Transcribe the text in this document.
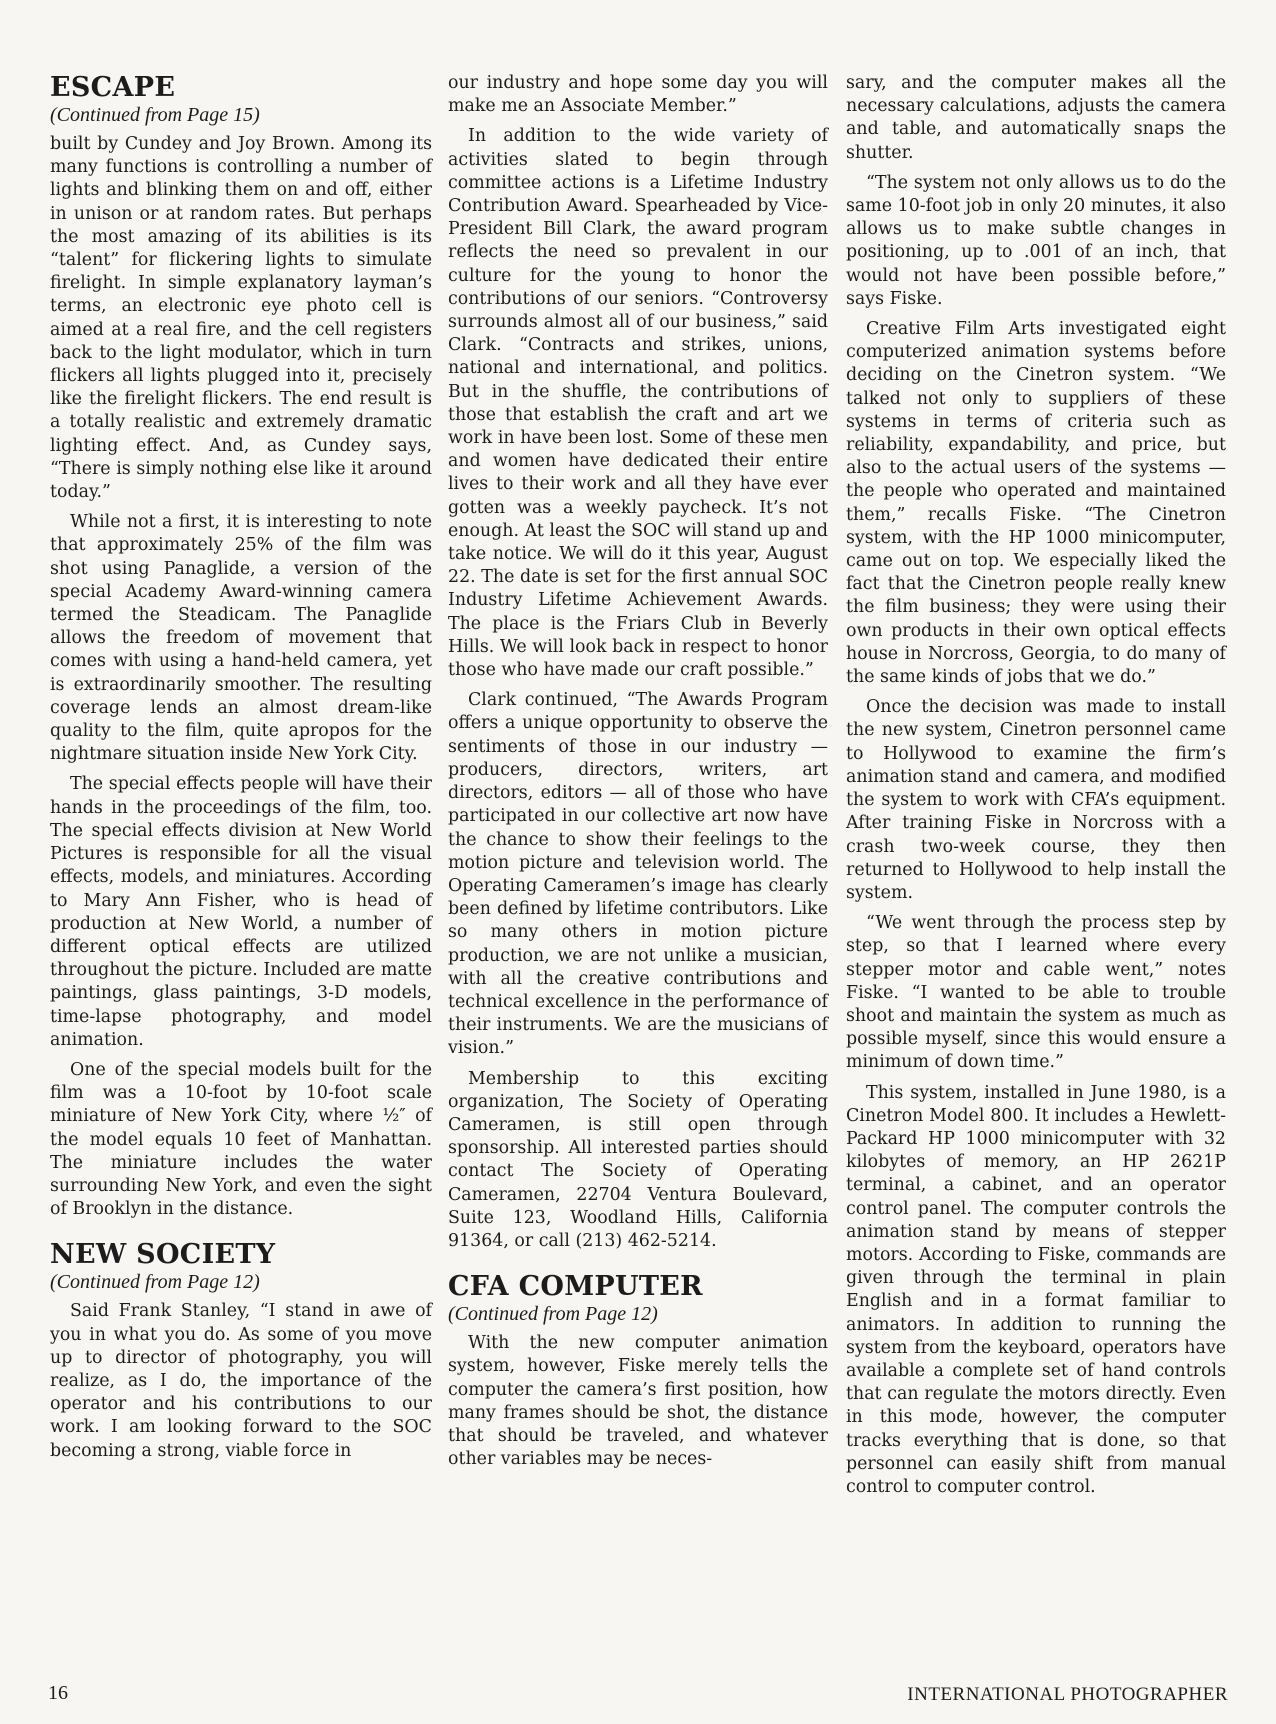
ESCAPE
(Continued from Page 15)

built by Cundey and Joy Brown. Among its many functions is controlling a number of lights and blinking them on and off, either in unison or at random rates. But perhaps the most amazing of its abilities is its “talent” for flickering lights to simulate firelight. In simple explanatory layman’s terms, an electronic eye photo cell is aimed at a real fire, and the cell registers back to the light modulator, which in turn flickers all lights plugged into it, precisely like the firelight flickers. The end result is a totally realistic and extremely dramatic lighting effect. And, as Cundey says, “There is simply nothing else like it around today.”

While not a first, it is interesting to note that approximately 25% of the film was shot using Panaglide, a version of the special Academy Award-winning camera termed the Steadicam. The Panaglide allows the freedom of movement that comes with using a hand-held camera, yet is extraordinarily smoother. The resulting coverage lends an almost dream-like quality to the film, quite apropos for the nightmare situation inside New York City.

The special effects people will have their hands in the proceedings of the film, too. The special effects division at New World Pictures is responsible for all the visual effects, models, and miniatures. According to Mary Ann Fisher, who is head of production at New World, a number of different optical effects are utilized throughout the picture. Included are matte paintings, glass paintings, 3-D models, time-lapse photography, and model animation.

One of the special models built for the film was a 10-foot by 10-foot scale miniature of New York City, where ½″ of the model equals 10 feet of Manhattan. The miniature includes the water surrounding New York, and even the sight of Brooklyn in the distance.

NEW SOCIETY
(Continued from Page 12)

Said Frank Stanley, “I stand in awe of you in what you do. As some of you move up to director of photography, you will realize, as I do, the importance of the operator and his contributions to our work. I am looking forward to the SOC becoming a strong, viable force in

our industry and hope some day you will make me an Associate Member.”

In addition to the wide variety of activities slated to begin through committee actions is a Lifetime Industry Contribution Award. Spearheaded by Vice-President Bill Clark, the award program reflects the need so prevalent in our culture for the young to honor the contributions of our seniors. “Controversy surrounds almost all of our business,” said Clark. “Contracts and strikes, unions, national and international, and politics. But in the shuffle, the contributions of those that establish the craft and art we work in have been lost. Some of these men and women have dedicated their entire lives to their work and all they have ever gotten was a weekly paycheck. It’s not enough. At least the SOC will stand up and take notice. We will do it this year, August 22. The date is set for the first annual SOC Industry Lifetime Achievement Awards. The place is the Friars Club in Beverly Hills. We will look back in respect to honor those who have made our craft possible.”

Clark continued, “The Awards Program offers a unique opportunity to observe the sentiments of those in our industry — producers, directors, writers, art directors, editors — all of those who have participated in our collective art now have the chance to show their feelings to the motion picture and television world. The Operating Cameramen’s image has clearly been defined by lifetime contributors. Like so many others in motion picture production, we are not unlike a musician, with all the creative contributions and technical excellence in the performance of their instruments. We are the musicians of vision.”

Membership to this exciting organization, The Society of Operating Cameramen, is still open through sponsorship. All interested parties should contact The Society of Operating Cameramen, 22704 Ventura Boulevard, Suite 123, Woodland Hills, California 91364, or call (213) 462-5214.

CFA COMPUTER
(Continued from Page 12)

With the new computer animation system, however, Fiske merely tells the computer the camera’s first position, how many frames should be shot, the distance that should be traveled, and whatever other variables may be neces-

sary, and the computer makes all the necessary calculations, adjusts the camera and table, and automatically snaps the shutter.

“The system not only allows us to do the same 10-foot job in only 20 minutes, it also allows us to make subtle changes in positioning, up to .001 of an inch, that would not have been possible before,” says Fiske.

Creative Film Arts investigated eight computerized animation systems before deciding on the Cinetron system. “We talked not only to suppliers of these systems in terms of criteria such as reliability, expandability, and price, but also to the actual users of the systems — the people who operated and maintained them,” recalls Fiske. “The Cinetron system, with the HP 1000 minicomputer, came out on top. We especially liked the fact that the Cinetron people really knew the film business; they were using their own products in their own optical effects house in Norcross, Georgia, to do many of the same kinds of jobs that we do.”

Once the decision was made to install the new system, Cinetron personnel came to Hollywood to examine the firm’s animation stand and camera, and modified the system to work with CFA’s equipment. After training Fiske in Norcross with a crash two-week course, they then returned to Hollywood to help install the system.

“We went through the process step by step, so that I learned where every stepper motor and cable went,” notes Fiske. “I wanted to be able to trouble shoot and maintain the system as much as possible myself, since this would ensure a minimum of down time.”

This system, installed in June 1980, is a Cinetron Model 800. It includes a Hewlett-Packard HP 1000 minicomputer with 32 kilobytes of memory, an HP 2621P terminal, a cabinet, and an operator control panel. The computer controls the animation stand by means of stepper motors. According to Fiske, commands are given through the terminal in plain English and in a format familiar to animators. In addition to running the system from the keyboard, operators have available a complete set of hand controls that can regulate the motors directly. Even in this mode, however, the computer tracks everything that is done, so that personnel can easily shift from manual control to computer control.

16	INTERNATIONAL PHOTOGRAPHER
